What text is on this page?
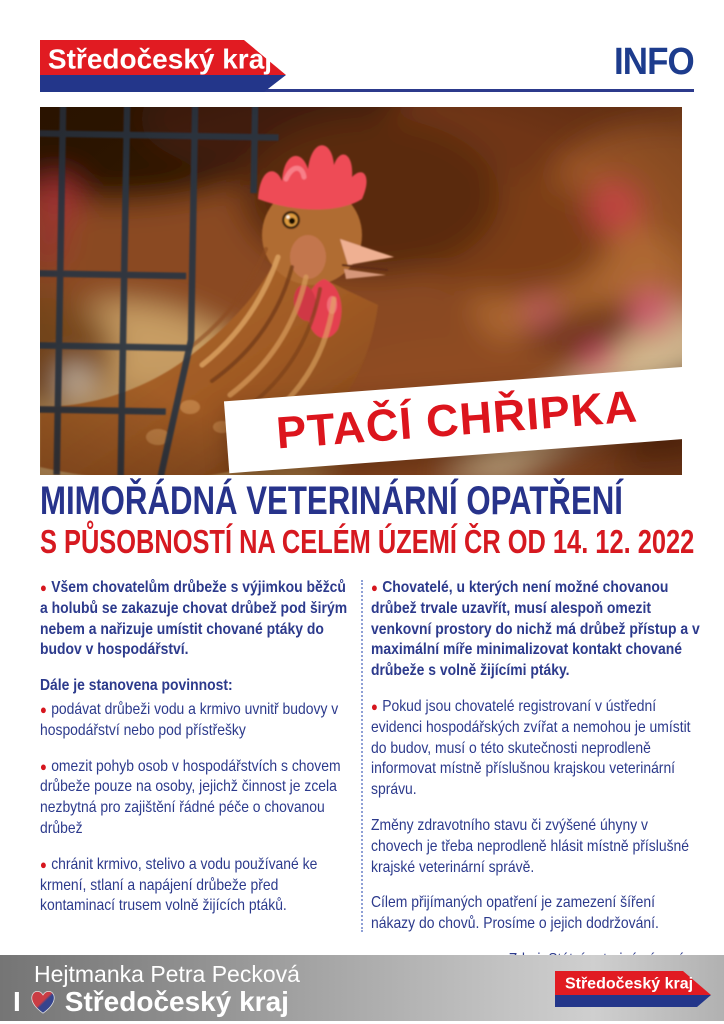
Středočeský kraj	INFO
PTAČÍ CHŘIPKA
MIMOŘÁDNÁ VETERINÁRNÍ OPATŘENÍ
S PŮSOBNOSTÍ NA CELÉM ÚZEMÍ ČR OD 14. 12. 2022

● Všem chovatelům drůbeže s výjimkou běžců a holubů se zakazuje chovat drůbež pod širým nebem a nařizuje umístit chované ptáky do budov v hospodářství.

Dále je stanovena povinnost:

● podávat drůbeži vodu a krmivo uvnitř budovy v hospodářství nebo pod přístřešky

● omezit pohyb osob v hospodářstvích s chovem drůbeže pouze na osoby, jejichž činnost je zcela nezbytná pro zajištění řádné péče o chovanou drůbež

● chránit krmivo, stelivo a vodu používané ke krmení, stlaní a napájení drůbeže před kontaminací trusem volně žijících ptáků.

● Chovatelé, u kterých není možné chovanou drůbež trvale uzavřít, musí alespoň omezit venkovní prostory do nichž má drůbež přístup a v maximální míře minimalizovat kontakt chované drůbeže s volně žijícími ptáky.

● Pokud jsou chovatelé registrovaní v ústřední evidenci hospodářských zvířat a nemohou je umístit do budov, musí o této skutečnosti neprodleně informovat místně příslušnou krajskou veterinární správu.

Změny zdravotního stavu či zvýšené úhyny v chovech je třeba neprodleně hlásit místně příslušné krajské veterinární správě.

Cílem přijímaných opatření je zamezení šíření nákazy do chovů. Prosíme o jejich dodržování.

Hejtmanka Petra Pecková
I Středočeský kraj
Středočeský kraj
